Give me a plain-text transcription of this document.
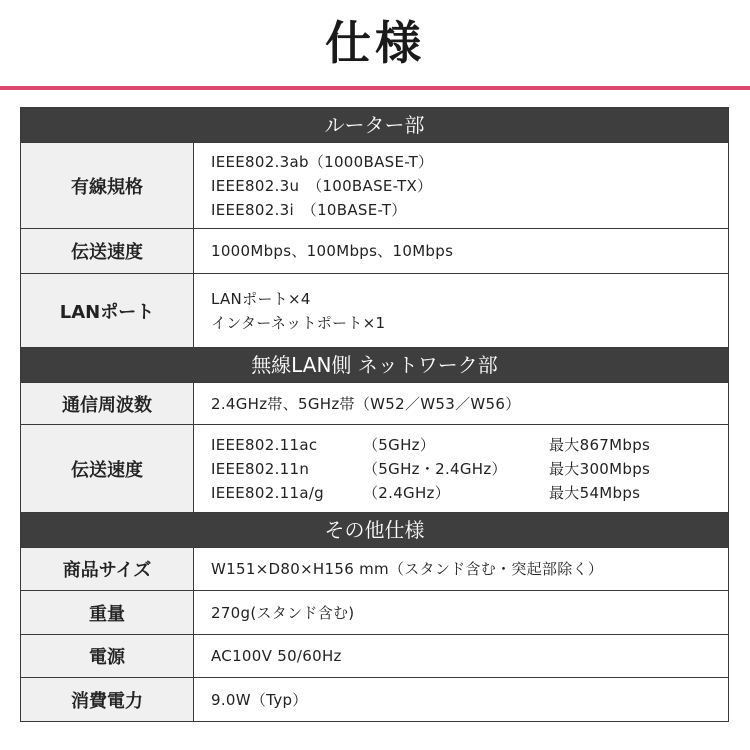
仕様
ルーター部	
有線規格	IEEE802.3ab（1000BASE-T）
IEEE802.3u　（100BASE-TX）
IEEE802.3i　（10BASE-T）

伝送速度	1000Mbps、100Mbps、10Mbps
LANポート	LANポート×4
インターネットポート×1

無線LAN側 ネットワーク部	
通信周波数	2.4GHz帯、5GHz帯（W52／W53／W56）
伝送速度	IEEE802.11ac （5GHz） 最大867Mbps
IEEE802.11n （5GHz・2.4GHz） 最大300Mbps
IEEE802.11a/g （2.4GHz） 最大54Mbps

その他仕様	
商品サイズ	W151×D80×H156 mm（スタンド含む・突起部除く）
重量	270g(スタンド含む)
電源	AC100V 50/60Hz
消費電力	9.0W（Typ）
